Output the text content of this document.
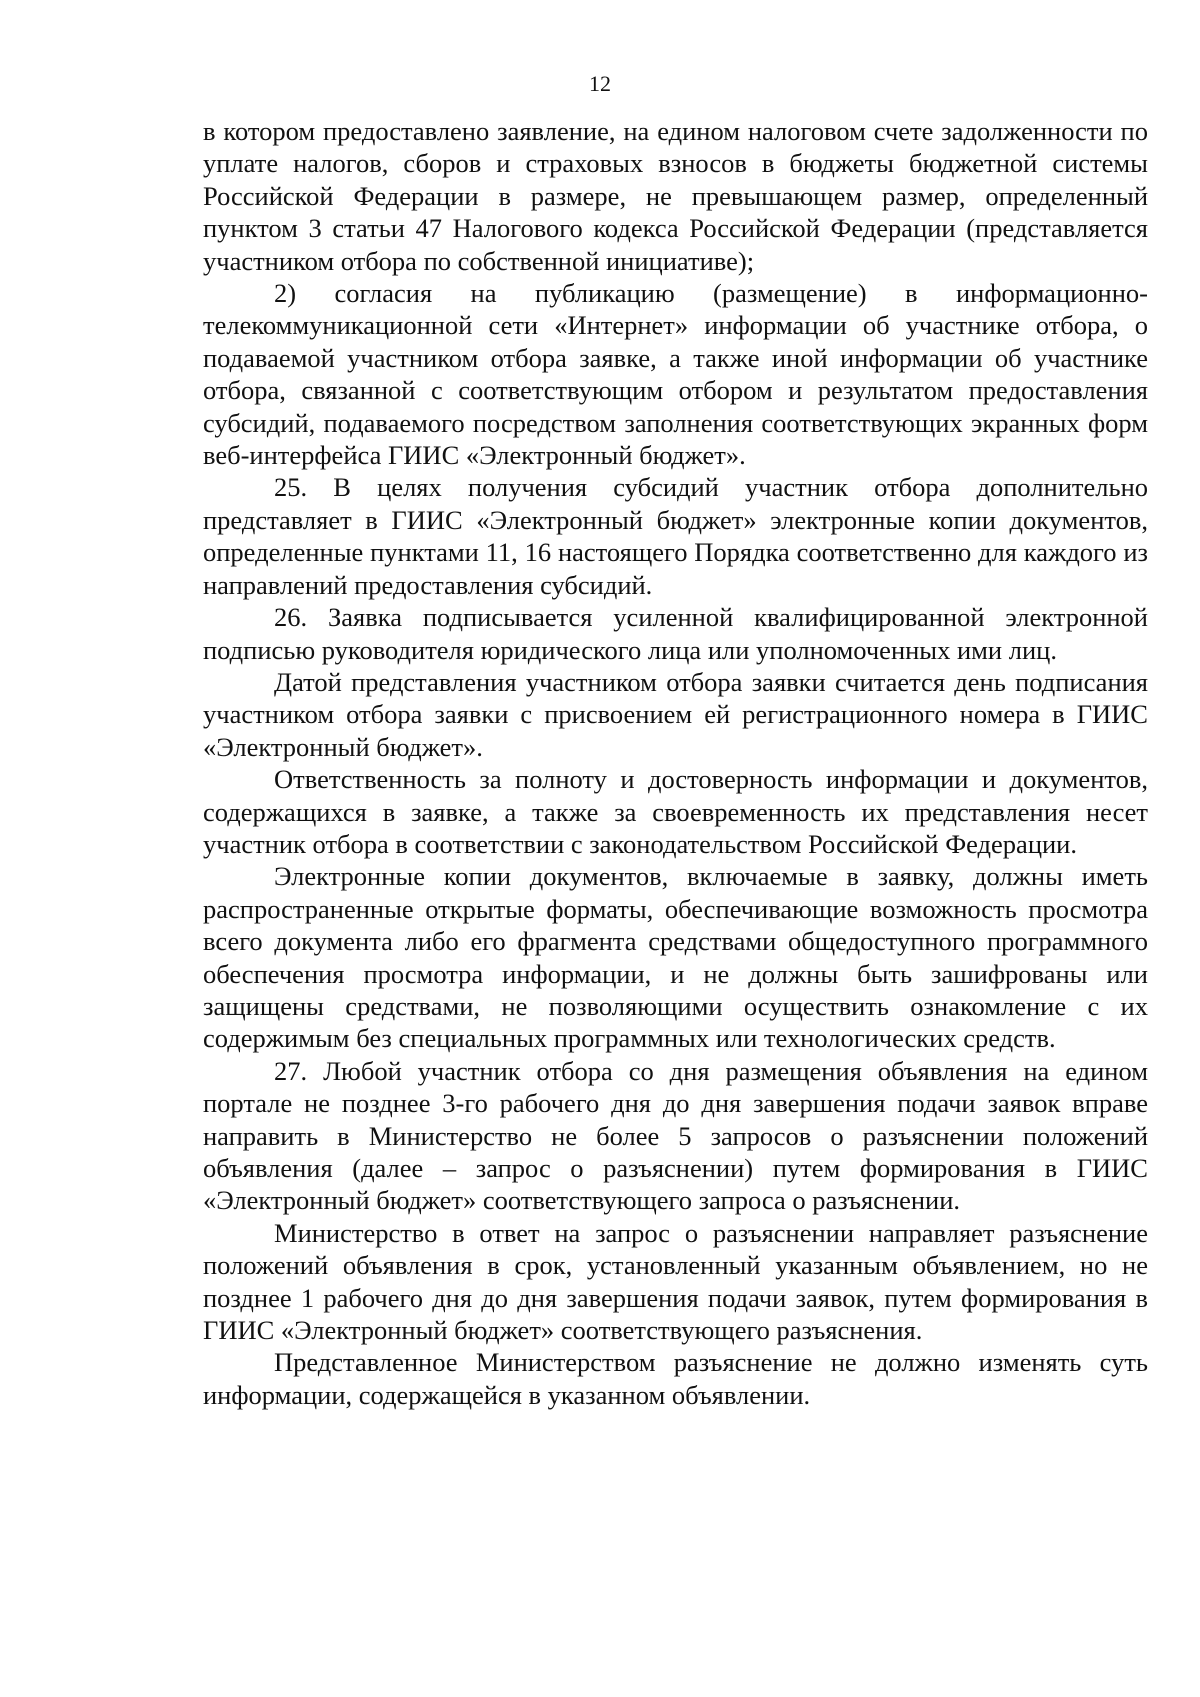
12

в котором предоставлено заявление, на едином налоговом счете задолженности по уплате налогов, сборов и страховых взносов в бюджеты бюджетной системы Российской Федерации в размере, не превышающем размер, определенный пунктом 3 статьи 47 Налогового кодекса Российской Федерации (представляется участником отбора по собственной инициативе);

2) согласия на публикацию (размещение) в информационно-телекоммуникационной сети «Интернет» информации об участнике отбора, о подаваемой участником отбора заявке, а также иной информации об участнике отбора, связанной с соответствующим отбором и результатом предоставления субсидий, подаваемого посредством заполнения соответствующих экранных форм веб-интерфейса ГИИС «Электронный бюджет».

25. В целях получения субсидий участник отбора дополнительно представляет в ГИИС «Электронный бюджет» электронные копии документов, определенные пунктами 11, 16 настоящего Порядка соответственно для каждого из направлений предоставления субсидий.

26. Заявка подписывается усиленной квалифицированной электронной подписью руководителя юридического лица или уполномоченных ими лиц.

Датой представления участником отбора заявки считается день подписания участником отбора заявки с присвоением ей регистрационного номера в ГИИС «Электронный бюджет».

Ответственность за полноту и достоверность информации и документов, содержащихся в заявке, а также за своевременность их представления несет участник отбора в соответствии с законодательством Российской Федерации.

Электронные копии документов, включаемые в заявку, должны иметь распространенные открытые форматы, обеспечивающие возможность просмотра всего документа либо его фрагмента средствами общедоступного программного обеспечения просмотра информации, и не должны быть зашифрованы или защищены средствами, не позволяющими осуществить ознакомление с их содержимым без специальных программных или технологических средств.

27. Любой участник отбора со дня размещения объявления на едином портале не позднее 3-го рабочего дня до дня завершения подачи заявок вправе направить в Министерство не более 5 запросов о разъяснении положений объявления (далее – запрос о разъяснении) путем формирования в ГИИС «Электронный бюджет» соответствующего запроса о разъяснении.

Министерство в ответ на запрос о разъяснении направляет разъяснение положений объявления в срок, установленный указанным объявлением, но не позднее 1 рабочего дня до дня завершения подачи заявок, путем формирования в ГИИС «Электронный бюджет» соответствующего разъяснения.

Представленное Министерством разъяснение не должно изменять суть информации, содержащейся в указанном объявлении.
